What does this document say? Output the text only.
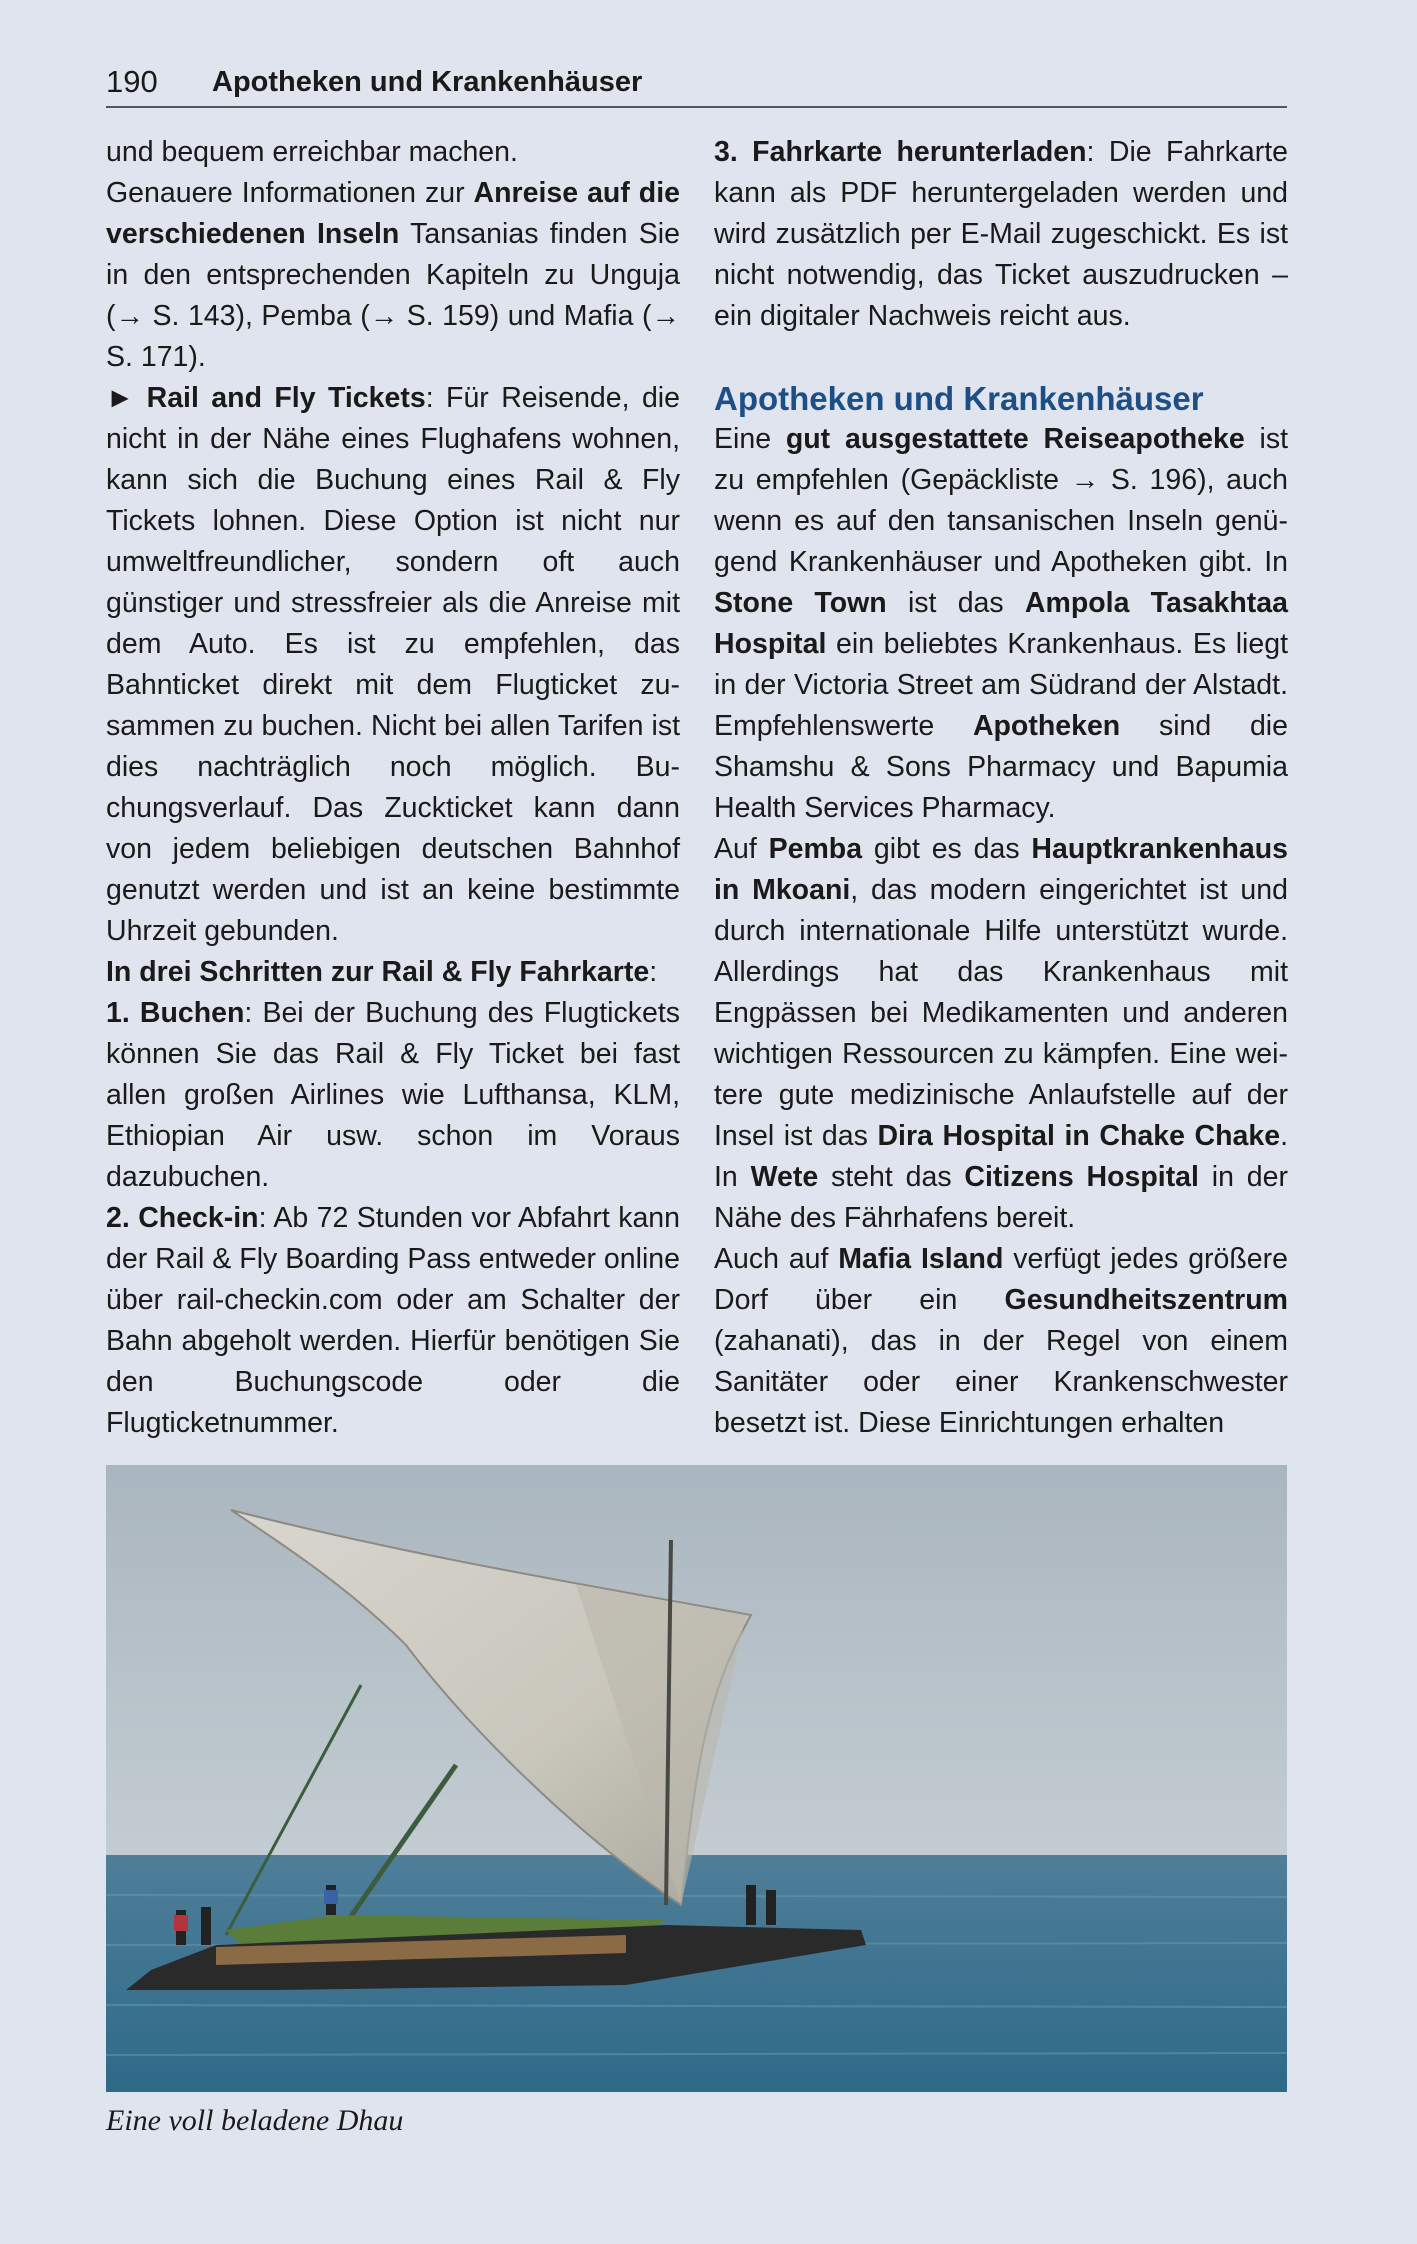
190 Apotheken und Krankenhäuser

und bequem erreichbar machen.

Genauere Informationen zur Anreise auf die verschiedenen Inseln Tansanias finden Sie in den entsprechenden Kapiteln zu Unguja (→ S. 143), Pemba (→ S. 159) und Mafia (→ S. 171).

► Rail and Fly Tickets: Für Reisende, die nicht in der Nähe eines Flughafens wohnen, kann sich die Buchung eines Rail & Fly Tickets lohnen. Diese Option ist nicht nur umweltfreundlicher, sondern oft auch günstiger und stressfreier als die Anreise mit dem Auto. Es ist zu empfehlen, das Bahnticket direkt mit dem Flugticket zusammen zu buchen. Nicht bei allen Tarifen ist dies nachträglich noch möglich. Buchungsverlauf. Das Zuckticket kann dann von jedem beliebigen deutschen Bahnhof genutzt werden und ist an keine bestimmte Uhrzeit gebunden.

In drei Schritten zur Rail & Fly Fahrkarte:

1. Buchen: Bei der Buchung des Flugtickets können Sie das Rail & Fly Ticket bei fast allen großen Airlines wie Lufthansa, KLM, Ethiopian Air usw. schon im Voraus dazubuchen.

2. Check-in: Ab 72 Stunden vor Abfahrt kann der Rail & Fly Boarding Pass entweder online über rail-checkin.com oder am Schalter der Bahn abgeholt werden. Hierfür benötigen Sie den Buchungscode oder die Flugticketnummer.

3. Fahrkarte herunterladen: Die Fahrkarte kann als PDF heruntergeladen werden und wird zusätzlich per E-Mail zugeschickt. Es ist nicht notwendig, das Ticket auszudrucken – ein digitaler Nachweis reicht aus.

Apotheken und Krankenhäuser

Eine gut ausgestattete Reiseapotheke ist zu empfehlen (Gepäckliste → S. 196), auch wenn es auf den tansanischen Inseln genügend Krankenhäuser und Apotheken gibt. In Stone Town ist das Ampola Tasakhtaa Hospital ein beliebtes Krankenhaus. Es liegt in der Victoria Street am Südrand der Alstadt. Empfehlenswerte Apotheken sind die Shamshu & Sons Pharmacy und Bapumia Health Services Pharmacy.

Auf Pemba gibt es das Hauptkrankenhaus in Mkoani, das modern eingerichtet ist und durch internationale Hilfe unterstützt wurde. Allerdings hat das Krankenhaus mit Engpässen bei Medikamenten und anderen wichtigen Ressourcen zu kämpfen. Eine weitere gute medizinische Anlaufstelle auf der Insel ist das Dira Hospital in Chake Chake. In Wete steht das Citizens Hospital in der Nähe des Fährhafens bereit.

Auch auf Mafia Island verfügt jedes größere Dorf über ein Gesundheitszentrum (zahanati), das in der Regel von einem Sanitäter oder einer Krankenschwester besetzt ist. Diese Einrichtungen erhalten

Eine voll beladene Dhau
